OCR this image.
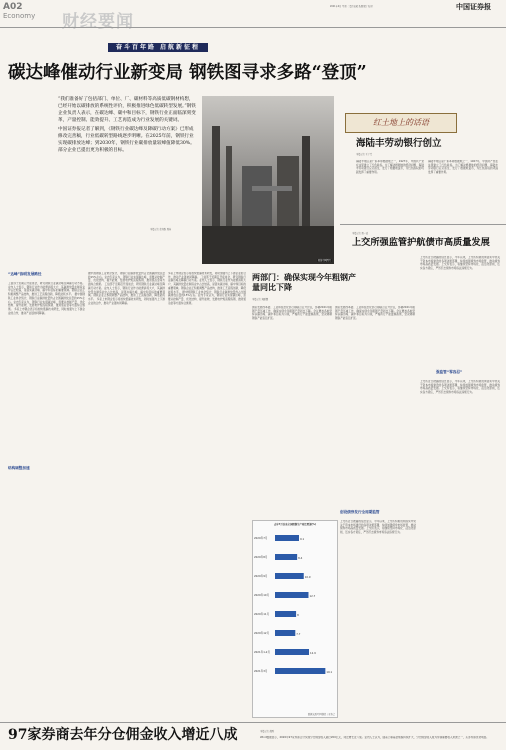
A02
Economy 财经要闻
2021年4月 星期三 责任编辑 版面设计 校对	中国证券报
奋斗百年路 启航新征程
碳达峰催动行业新变局 钢铁图寻求多路“登顶”
“我们准备好了包括部门、单位、厂、碳材料等高质低碳钢材构想，已经开始以碳排放的系统性评价，积极推进绿色低碳转型发展。”钢铁企业负责人表示，在碳达峰、碳中和目标下，钢铁行业正面临深刻变革，产量控制、能效提升、工艺再造成为行业发展的关键词。
中国证券报记者了解到，《钢铁行业碳达峰及降碳行动方案》已形成修改完善稿，行业低碳转型路线逐步明晰。在2025年前，钢铁行业实现碳排放达峰；到2030年，钢铁行业碳排放量较峰值降低30%。部分企业已提出更为积极的目标。
本报记者 张利静 周佳
视觉中国图片
“达峰”指明发展路径
工信部于近期召开座谈会，研究钢铁行业碳达峰及降碳行动方案。业内人士表示，钢铁行业作为能源消耗大户，其碳排放量在制造业中占比较高，是落实碳达峰、碳中和目标的重要领域。钢铁企业正积极调整产品结构，推进工艺流程创新，降低能耗水平。 据中国钢铁工业协会统计，钢铁行业碳排放量约占全国碳排放总量的15%左右。业内专家认为，钢铁行业实现碳达峰，需要从控制产量、优化结构、提升能效、发展电炉短流程炼钢、推进氢冶金等方面综合施策。 多家上市钢企表示将加快低碳技术研发，同时加强与上下游企业的合作，推动产业链协同降碳。
结构调整加速
据中国钢铁工业协会统计，钢铁行业碳排放量约占全国碳排放总量的15%左右。业内专家认为，钢铁行业实现碳达峰，需要从控制产量、优化结构、提升能效、发展电炉短流程炼钢、推进氢冶金等方面综合施策。 工信部于近期召开座谈会，研究钢铁行业碳达峰及降碳行动方案。业内人士表示，钢铁行业作为能源消耗大户，其碳排放量在制造业中占比较高，是落实碳达峰、碳中和目标的重要领域。钢铁企业正积极调整产品结构，推进工艺流程创新，降低能耗水平。 多家上市钢企表示将加快低碳技术研发，同时加强与上下游企业的合作，推动产业链协同降碳。
多家上市钢企表示将加快低碳技术研发，同时加强与上下游企业的合作，推动产业链协同降碳。 工信部于近期召开座谈会，研究钢铁行业碳达峰及降碳行动方案。业内人士表示，钢铁行业作为能源消耗大户，其碳排放量在制造业中占比较高，是落实碳达峰、碳中和目标的重要领域。钢铁企业正积极调整产品结构，推进工艺流程创新，降低能耗水平。 据中国钢铁工业协会统计，钢铁行业碳排放量约占全国碳排放总量的15%左右。业内专家认为，钢铁行业实现碳达峰，需要从控制产量、优化结构、提升能效、发展电炉短流程炼钢、推进氢冶金等方面综合施策。
红土地上的话语
海陆丰劳动银行创立
本报记者 王子亮
海陆丰地区是广东革命根据地之一，1927年，中国共产党在这里建立了红色政权。为了解决根据地的经济问题，海陆丰劳动银行应运而生，发行了根据地货币，为红色政权的巩固发挥了重要作用。
海陆丰地区是广东革命根据地之一，1927年，中国共产党在这里建立了红色政权。为了解决根据地的经济问题，海陆丰劳动银行应运而生，发行了根据地货币，为红色政权的巩固发挥了重要作用。
两部门：确保实现今年粗钢产量同比下降
本报记者 刘丽靓
国家发展改革委、工业和信息化部日前联合召开会议，部署2021年粗钢产量压减工作，确保实现今年粗钢产量同比下降。会议要求各地坚持以碳达峰、碳中和目标为引领，严格执行产能置换政策，坚决遏制钢铁产能盲目扩张。
国家发展改革委、工业和信息化部日前联合召开会议，部署2021年粗钢产量压减工作，确保实现今年粗钢产量同比下降。会议要求各地坚持以碳达峰、碳中和目标为引领，严格执行产能置换政策，坚决遏制钢铁产能盲目扩张。
本报记者 黄一灵
上交所强监管护航债市高质量发展
上交所近日披露的信息显示，今年以来，上交所积极贯彻落实中央关于资本市场建设的各项决策部署，持续加强债券市场监管，推动债券市场高质量发展。上交所表示，将继续坚持市场化、法治化原则，压实各方责任，严厉打击债券市场违法违规行为。
强监管“零容忍”
上交所近日披露的信息显示，今年以来，上交所积极贯彻落实中央关于资本市场建设的各项决策部署，持续加强债券市场监管，推动债券市场高质量发展。上交所表示，将继续坚持市场化、法治化原则，压实各方责任，严厉打击债券市场违法违规行为。
创设债券发行全周期监管
上交所近日披露的信息显示，今年以来，上交所积极贯彻落实中央关于资本市场建设的各项决策部署，持续加强债券市场监管，推动债券市场高质量发展。上交所表示，将继续坚持市场化、法治化原则，压实各方责任，严厉打击债券市场违法违规行为。
去年7月以来全国粗钢生产同比增速(%)
2020年7月	9.1
2020年8月	8.4
2020年9月	10.9
2020年10月	12.7
2020年11月	8
2020年12月	7.7
2021年1-2月	12.9
2021年3月	19.1
数据来源/中国钢铁工业协会
97家券商去年分仓佣金收入增近八成	本报记者 胡雨
Wind数据显示，2020年97家券商合计实现分仓佣金收入超过200亿元，同比增长近八成。业内人士认为，随着公募基金规模持续扩大，分仓佣金收入成为券商重要收入来源之一，头部券商优势明显。
